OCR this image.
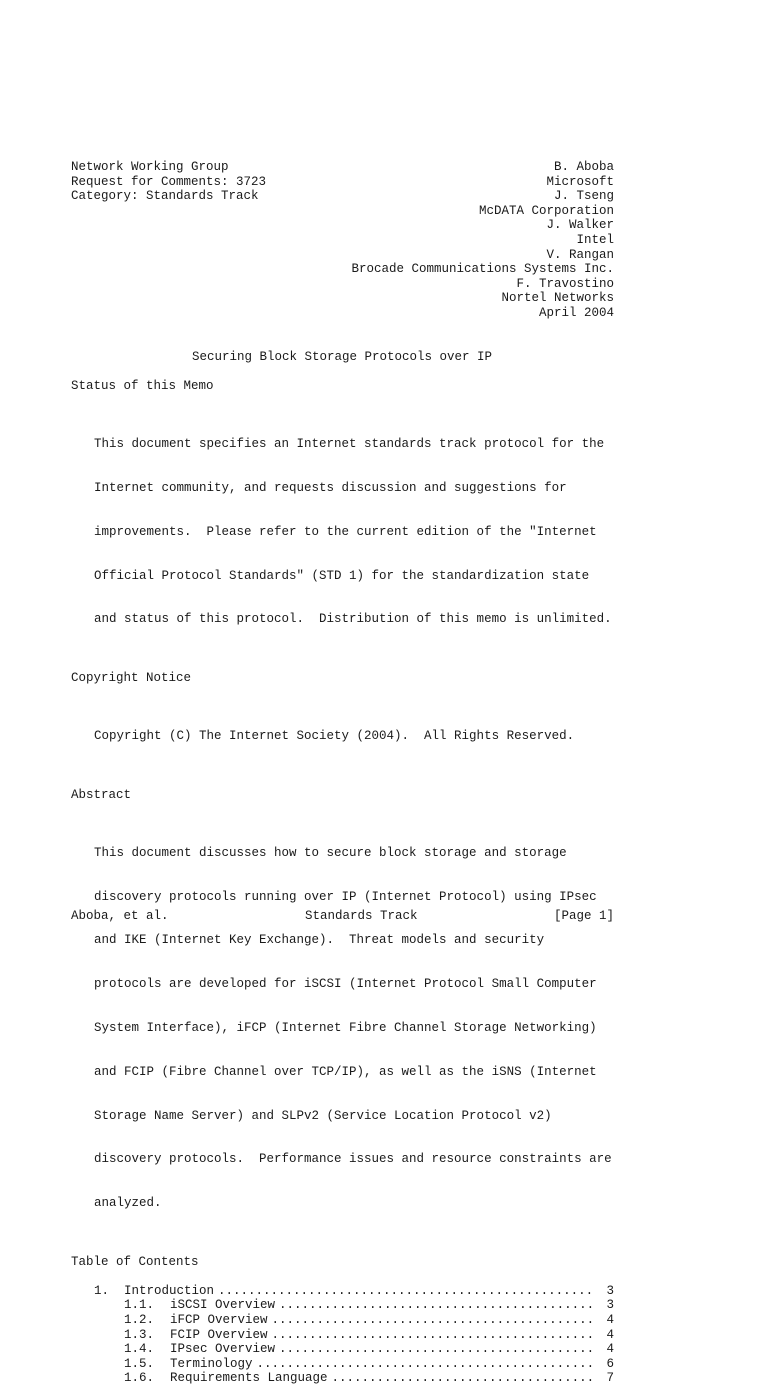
Network Working Group	B. Aboba
Request for Comments: 3723	Microsoft
Category: Standards Track	J. Tseng
McDATA Corporation
J. Walker
Intel
V. Rangan
Brocade Communications Systems Inc.
F. Travostino
Nortel Networks
April 2004
Securing Block Storage Protocols over IP
Status of this Memo

This document specifies an Internet standards track protocol for the

Internet community, and requests discussion and suggestions for

improvements.  Please refer to the current edition of the "Internet

Official Protocol Standards" (STD 1) for the standardization state

and status of this protocol.  Distribution of this memo is unlimited.

Copyright Notice

Copyright (C) The Internet Society (2004).  All Rights Reserved.

Abstract

This document discusses how to secure block storage and storage

discovery protocols running over IP (Internet Protocol) using IPsec

and IKE (Internet Key Exchange).  Threat models and security

protocols are developed for iSCSI (Internet Protocol Small Computer

System Interface), iFCP (Internet Fibre Channel Storage Networking)

and FCIP (Fibre Channel over TCP/IP), as well as the iSNS (Internet

Storage Name Server) and SLPv2 (Service Location Protocol v2)

discovery protocols.  Performance issues and resource constraints are

analyzed.

Table of Contents
1. Introduction .....	3
1.1. iSCSI Overview .....	3
1.2. iFCP Overview .....	4
1.3. FCIP Overview .....	4
1.4. IPsec Overview .....	4
1.5. Terminology .....	6
1.6. Requirements Language .....	7
Aboba, et al.	Standards Track	[Page 1]
